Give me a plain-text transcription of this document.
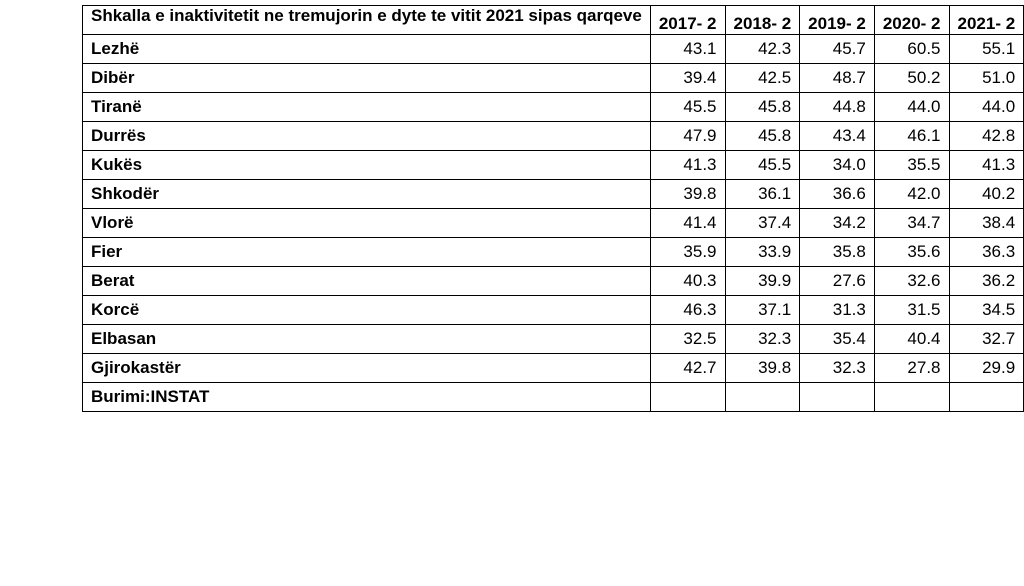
Shkalla e inaktivitetit ne tremujorin e dyte te vitit 2021 sipas qarqeve	2017- 2	2018- 2	2019- 2	2020- 2	2021- 2
Lezhë	43.1	42.3	45.7	60.5	55.1
Dibër	39.4	42.5	48.7	50.2	51.0
Tiranë	45.5	45.8	44.8	44.0	44.0
Durrës	47.9	45.8	43.4	46.1	42.8
Kukës	41.3	45.5	34.0	35.5	41.3
Shkodër	39.8	36.1	36.6	42.0	40.2
Vlorë	41.4	37.4	34.2	34.7	38.4
Fier	35.9	33.9	35.8	35.6	36.3
Berat	40.3	39.9	27.6	32.6	36.2
Korcë	46.3	37.1	31.3	31.5	34.5
Elbasan	32.5	32.3	35.4	40.4	32.7
Gjirokastër	42.7	39.8	32.3	27.8	29.9
Burimi:INSTAT					
